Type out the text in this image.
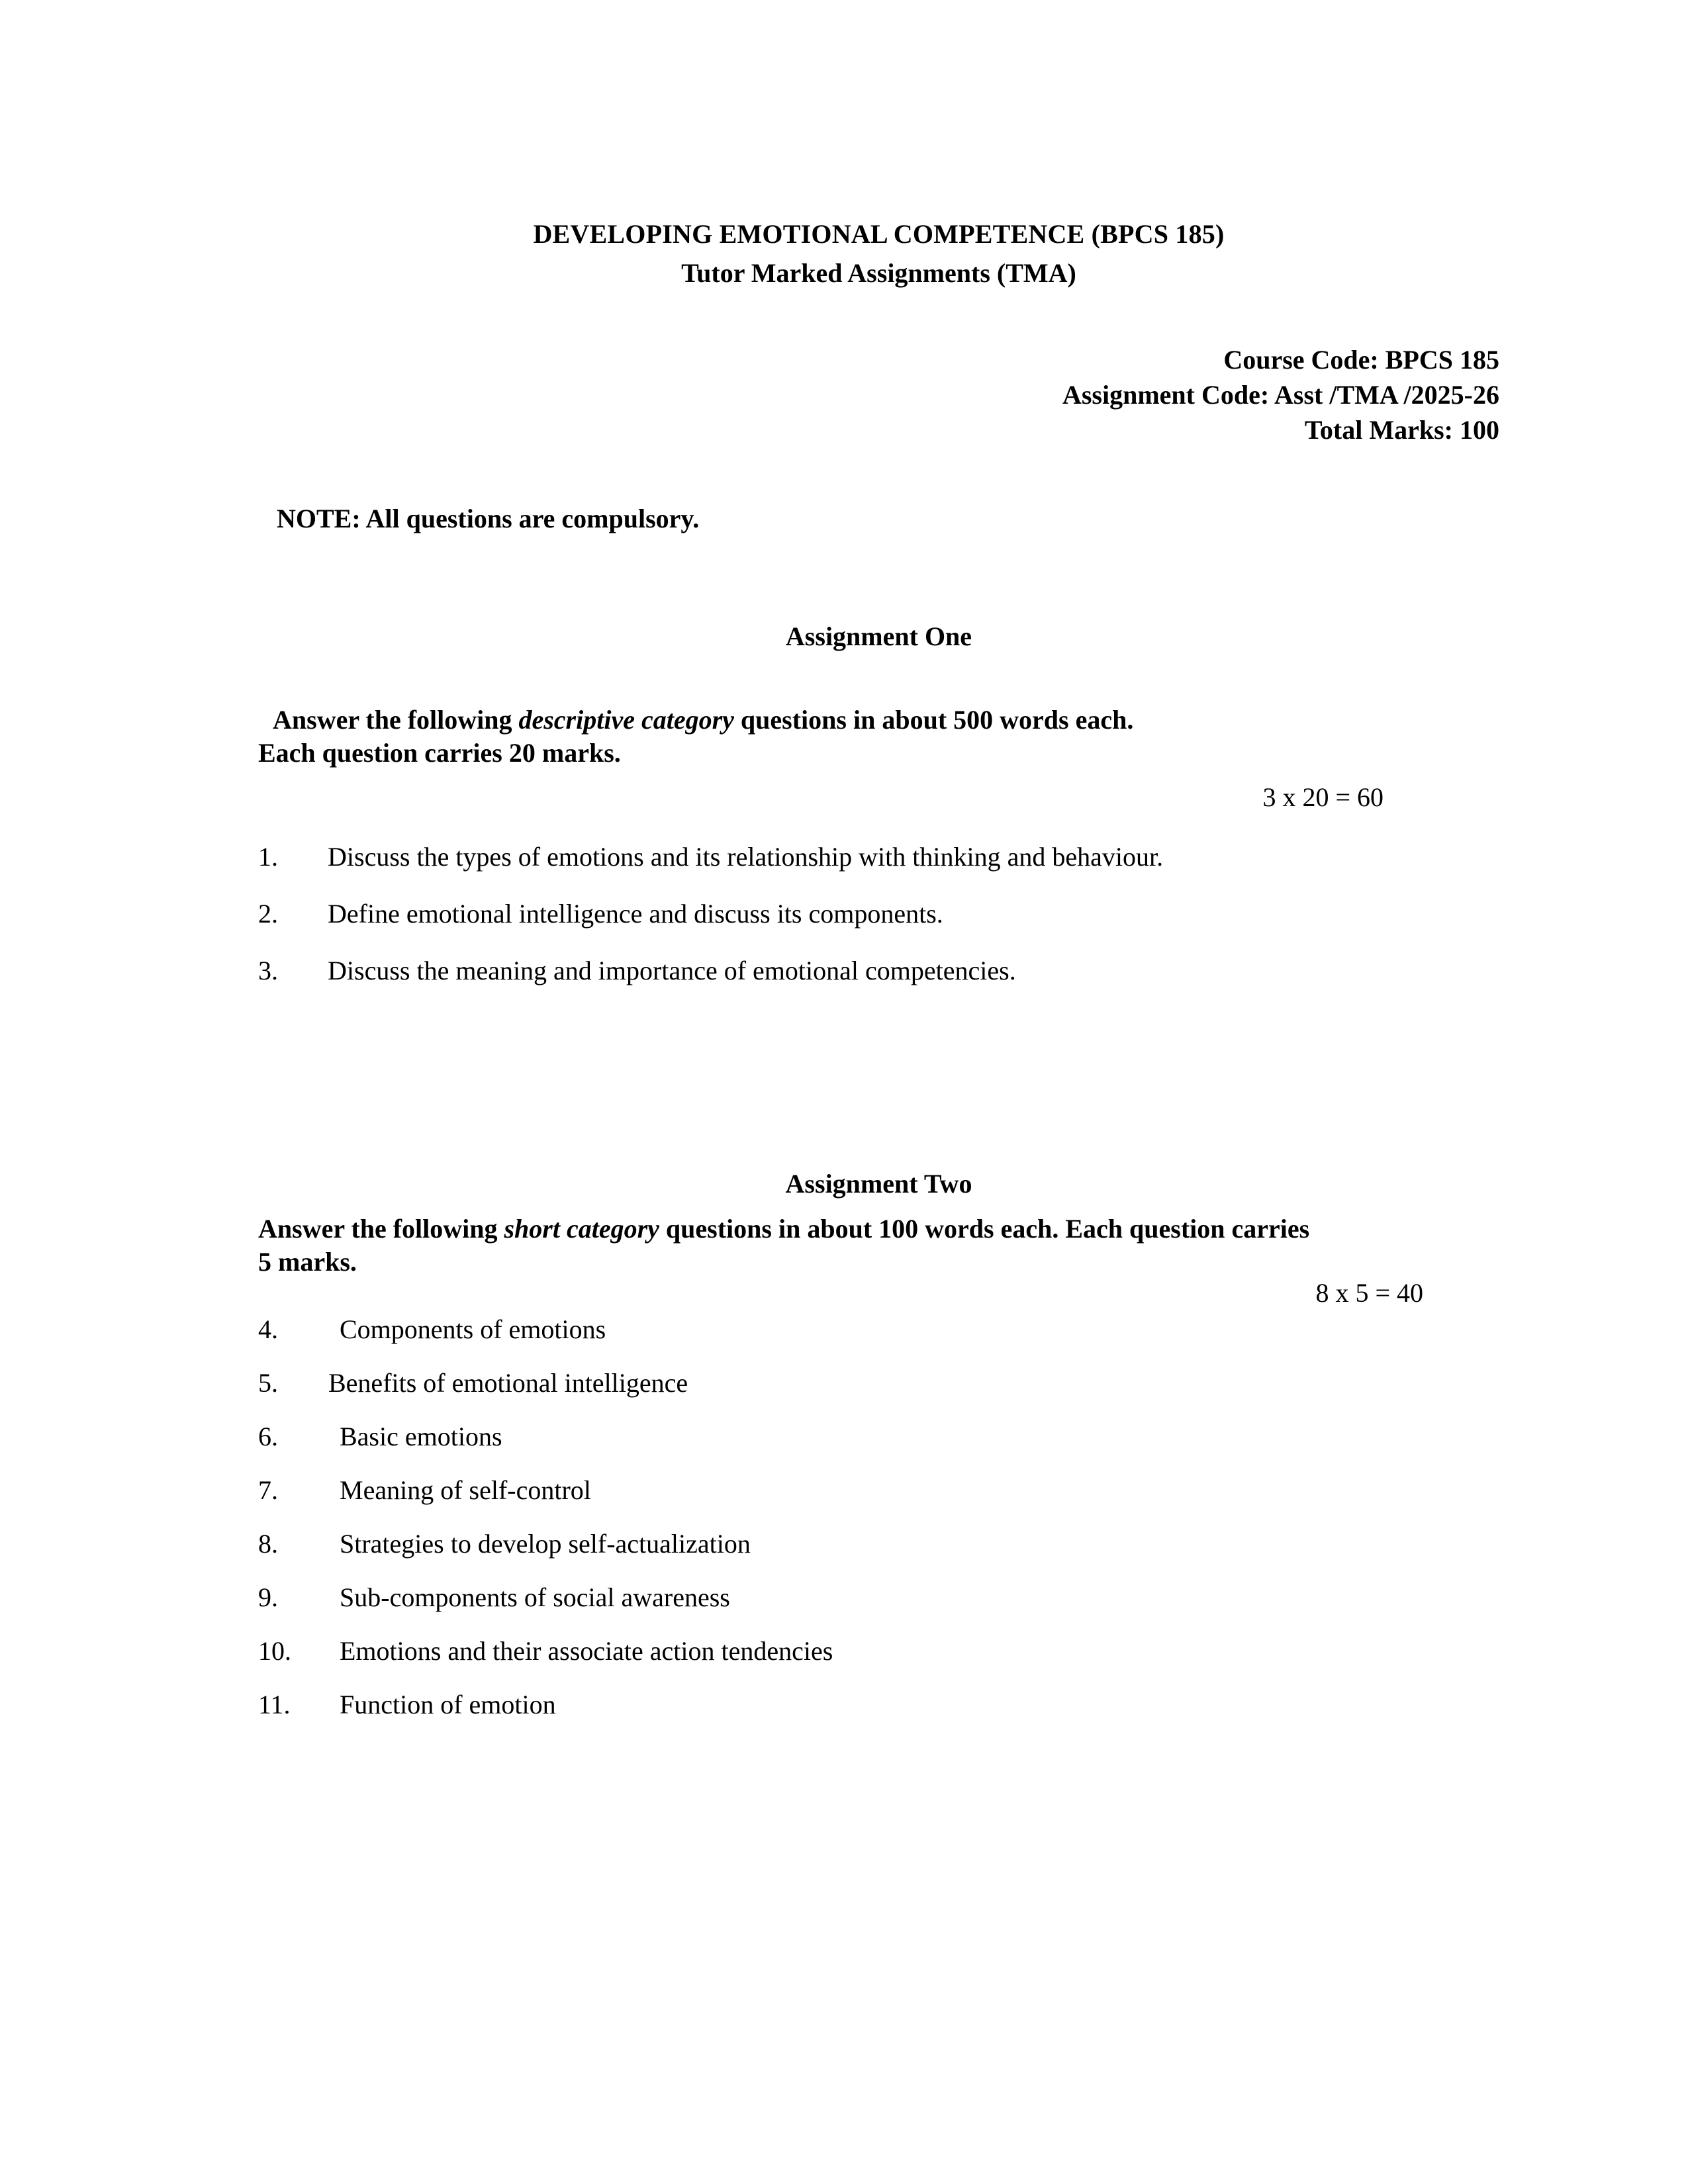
DEVELOPING EMOTIONAL COMPETENCE (BPCS 185)
Tutor Marked Assignments (TMA)
Course Code: BPCS 185
Assignment Code: Asst /TMA /2025-26
Total Marks: 100
NOTE: All questions are compulsory.
Assignment One
Answer the following descriptive category questions in about 500 words each.
Each question carries 20 marks.
3 x 20 = 60
1.	Discuss the types of emotions and its relationship with thinking and behaviour.
2.	Define emotional intelligence and discuss its components.
3.	Discuss the meaning and importance of emotional competencies.
Assignment Two
Answer the following short category questions in about 100 words each. Each question carries
5 marks.
8 x 5 = 40
4.	Components of emotions
5.	Benefits of emotional intelligence
6.	Basic emotions
7.	Meaning of self-control
8.	Strategies to develop self-actualization
9.	Sub-components of social awareness
10.	Emotions and their associate action tendencies
11.	Function of emotion
